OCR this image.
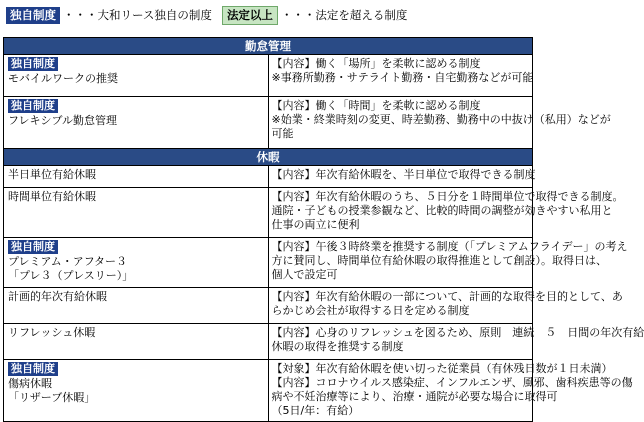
独自制度 ・・・大和リース独自の制度	法定以上 ・・・法定を超える制度
勤怠管理	
独自制度
モバイルワークの推奨	【内容】働く「場所」を柔軟に認める制度
※事務所勤務・サテライト勤務・自宅勤務などが可能

独自制度
フレキシブル勤怠管理	【内容】働く「時間」を柔軟に認める制度
※始業・終業時刻の変更、時差勤務、勤務中の中抜け（私用）などが
可能

休暇	

半日単位有給休暇	【内容】年次有給休暇を、半日単位で取得できる制度

時間単位有給休暇	【内容】年次有給休暇のうち、５日分を１時間単位で取得できる制度。
通院・子どもの授業参観など、比較的時間の調整が効きやすい私用と
仕事の両立に便利

独自制度
プレミアム・アフター３
「プレ３（プレスリー）」	【内容】午後３時終業を推奨する制度（「プレミアムフライデー」の考え
方に賛同し、時間単位有給休暇の取得推進として創設）。取得日は、
個人で設定可

計画的年次有給休暇	【内容】年次有給休暇の一部について、計画的な取得を目的として、あ
らかじめ会社が取得する日を定める制度

リフレッシュ休暇	【内容】心身のリフレッシュを図るため、原則　連続　５　日間の年次有給
休暇の取得を推奨する制度

独自制度
傷病休暇
「リザーブ休暇」	【対象】年次有給休暇を使い切った従業員（有休残日数が１日未満）
【内容】コロナウイルス感染症、インフルエンザ、風邪、歯科疾患等の傷
病や不妊治療等により、治療・通院が必要な場合に取得可
（5日/年：有給）
